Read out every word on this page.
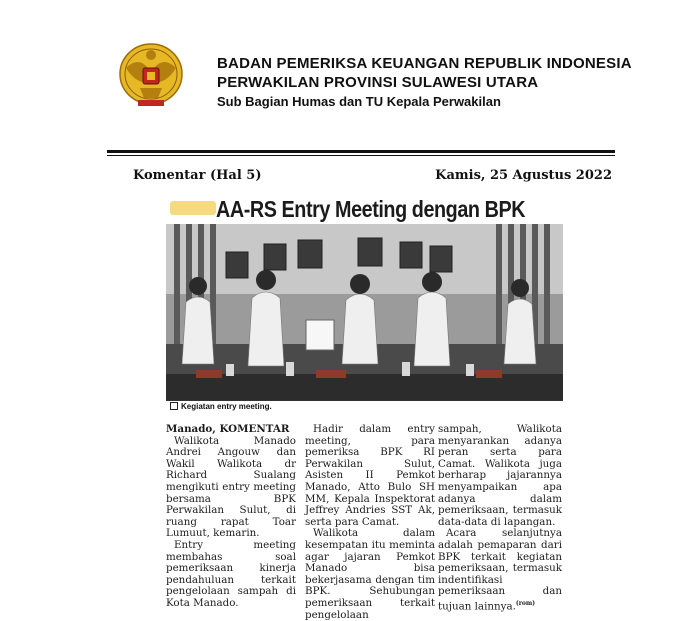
BADAN PEMERIKSA KEUANGAN REPUBLIK INDONESIA
PERWAKILAN PROVINSI SULAWESI UTARA
Sub Bagian Humas dan TU Kepala Perwakilan
Komentar (Hal 5)	Kamis, 25 Agustus 2022
AA-RS Entry Meeting dengan BPK
Kegiatan entry meeting.

Manado, KOMENTAR

Walikota Manado Andrei Angouw dan Wakil Walikota dr Richard Sualang mengikuti entry meeting bersama BPK Perwakilan Sulut, di ruang rapat Toar Lumuut, kemarin.

Entry meeting membahas soal pemeriksaan kinerja pendahuluan terkait pengelolaan sampah di Kota Manado.

Hadir dalam entry meeting, para pemeriksa BPK RI Perwakilan Sulut, Asisten II Pemkot Manado, Atto Bulo SH MM, Kepala Inspektorat Jeffrey Andries SST Ak, serta para Camat.

Walikota dalam kesempatan itu meminta agar jajaran Pemkot Manado bisa bekerjasama dengan tim BPK. Sehubungan pemeriksaan terkait pengelolaan

sampah, Walikota menyarankan adanya peran serta para Camat. Walikota juga berharap jajarannya menyampaikan apa adanya dalam pemeriksaan, termasuk data-data di lapangan.

Acara selanjutnya adalah pemaparan dari BPK terkait kegiatan pemeriksaan, termasuk indentifikasi pemeriksaan dan tujuan lainnya.$^{(rom)}$
